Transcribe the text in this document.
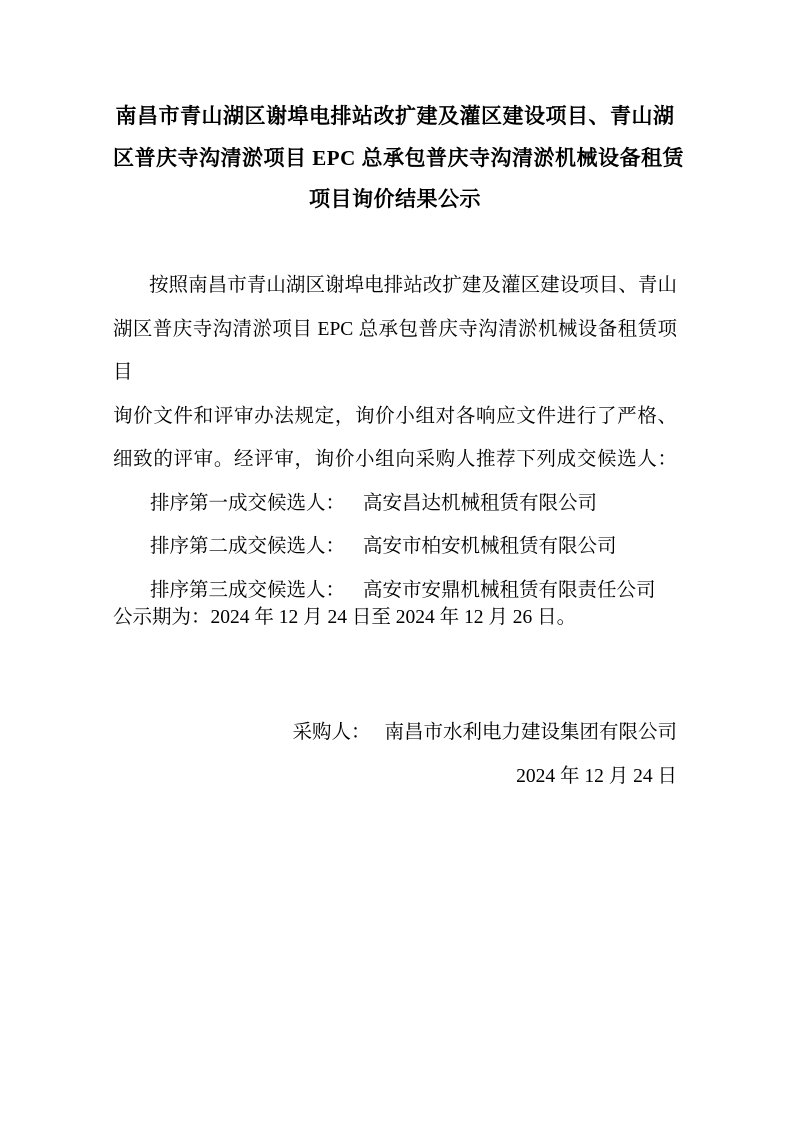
南昌市青山湖区谢埠电排站改扩建及灌区建设项目、青山湖
区普庆寺沟清淤项目 EPC 总承包普庆寺沟清淤机械设备租赁
项目询价结果公示
按照南昌市青山湖区谢埠电排站改扩建及灌区建设项目、青山
湖区普庆寺沟清淤项目 EPC 总承包普庆寺沟清淤机械设备租赁项目
询价文件和评审办法规定，询价小组对各响应文件进行了严格、
细致的评审。经评审，询价小组向采购人推荐下列成交候选人：
排序第一成交候选人： 高安昌达机械租赁有限公司
排序第二成交候选人： 高安市柏安机械租赁有限公司
排序第三成交候选人： 高安市安鼎机械租赁有限责任公司
公示期为：2024 年 12 月 24 日至 2024 年 12 月 26 日。
采购人： 南昌市水利电力建设集团有限公司
2024 年 12 月 24 日
